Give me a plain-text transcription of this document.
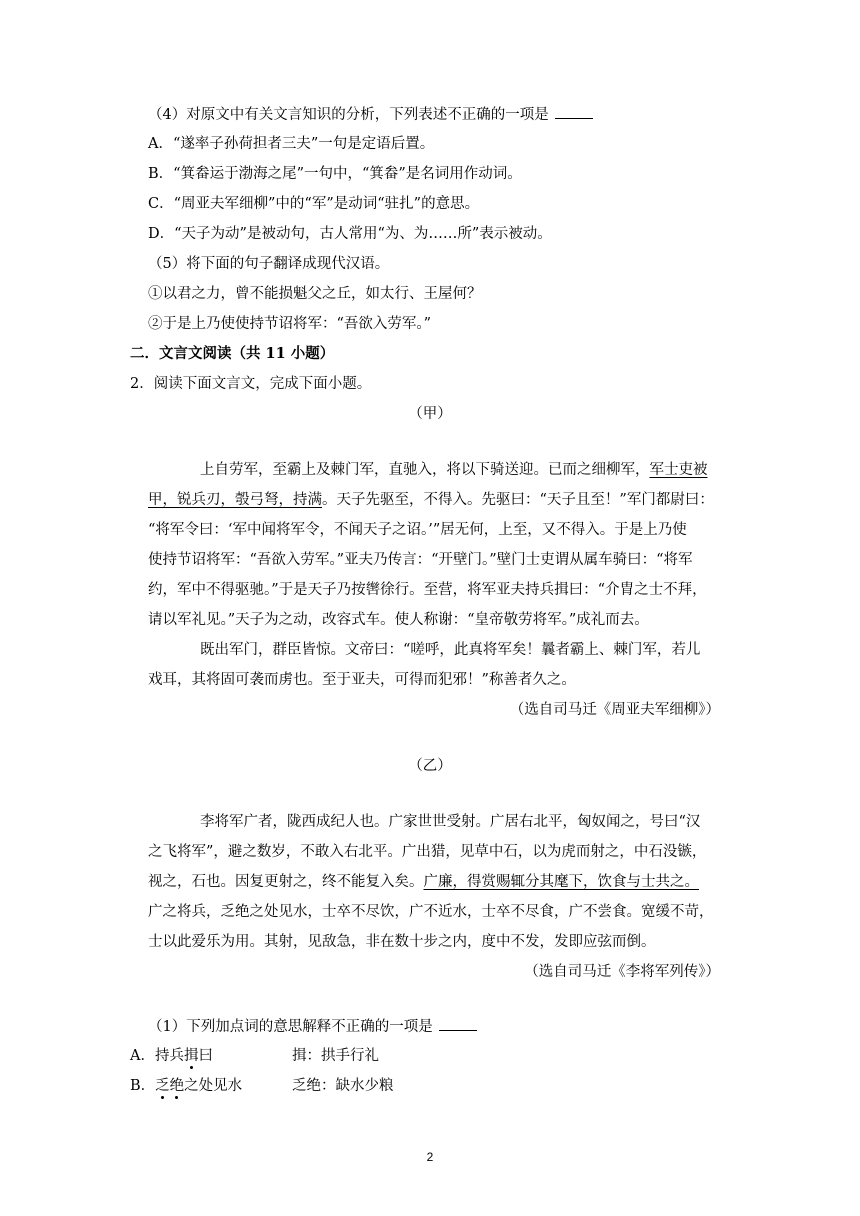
（4）对原文中有关文言知识的分析，下列表述不正确的一项是
A．“遂率子孙荷担者三夫”一句是定语后置。
B．“箕畚运于渤海之尾”一句中，“箕畚”是名词用作动词。
C．“周亚夫军细柳”中的“军”是动词“驻扎”的意思。
D．“天子为动”是被动句，古人常用“为、为……所”表示被动。
（5）将下面的句子翻译成现代汉语。
①以君之力，曾不能损魁父之丘，如太行、王屋何？
②于是上乃使使持节诏将军：“吾欲入劳军。”
二．文言文阅读（共 11 小题）
2．阅读下面文言文，完成下面小题。
（甲）
上自劳军，至霸上及棘门军，直驰入，将以下骑送迎。已而之细柳军，军士吏被
甲，锐兵刃，彀弓弩，持满。天子先驱至，不得入。先驱曰：“天子且至！”军门都尉曰：
“将军令曰：‘军中闻将军令，不闻天子之诏。’”居无何，上至，又不得入。于是上乃使
使持节诏将军：“吾欲入劳军。”亚夫乃传言：“开壁门。”壁门士吏谓从属车骑曰：“将军
约，军中不得驱驰。”于是天子乃按辔徐行。至营，将军亚夫持兵揖曰：“介胄之士不拜，
请以军礼见。”天子为之动，改容式车。使人称谢：“皇帝敬劳将军。”成礼而去。
既出军门，群臣皆惊。文帝曰：“嗟呼，此真将军矣！曩者霸上、棘门军，若儿
戏耳，其将固可袭而虏也。至于亚夫，可得而犯邪！”称善者久之。
（选自司马迁《周亚夫军细柳》）
（乙）
李将军广者，陇西成纪人也。广家世世受射。广居右北平，匈奴闻之，号曰“汉
之飞将军”，避之数岁，不敢入右北平。广出猎，见草中石，以为虎而射之，中石没镞，
视之，石也。因复更射之，终不能复入矣。广廉，得赏赐辄分其麾下，饮食与士共之。
广之将兵，乏绝之处见水，士卒不尽饮，广不近水，士卒不尽食，广不尝食。宽缓不苛，
士以此爱乐为用。其射，见敌急，非在数十步之内，度中不发，发即应弦而倒。
（选自司马迁《李将军列传》）
（1）下列加点词的意思解释不正确的一项是
A．持兵揖曰	揖：拱手行礼
B．乏绝之处见水	乏绝：缺水少粮
2
